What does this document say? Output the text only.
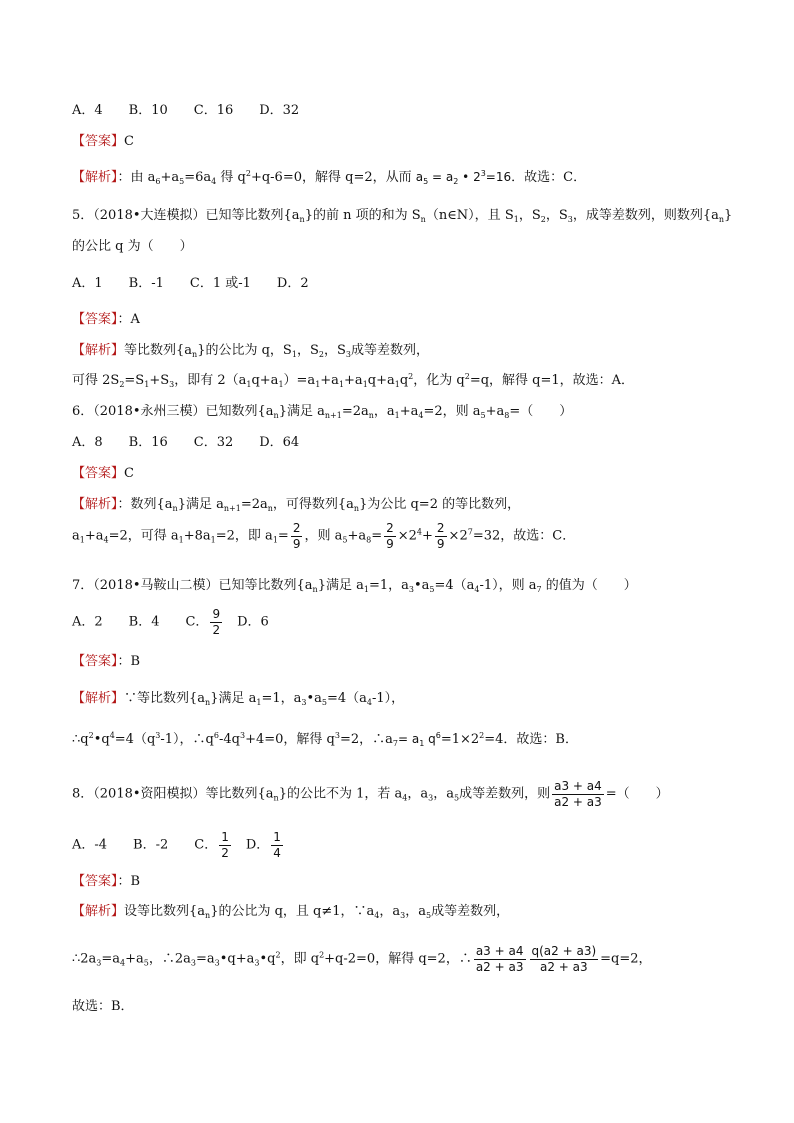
A．4　　B．10　　C．16　　D．32
【答案】C
【解析】：由 $a_6+a_5=6a_4$ 得 $q^2+q-6=0$，解得 q=2，从而 $a_5 = a_2$ • $2^3=16$．故选：C．
5．（2018•大连模拟）已知等比数列$\{a_n\}$的前 n 项的和为 $S_n(n\in N)$，且 $S_1$，$S_2$，$S_3$，成等差数列，则数列$\{a_n\}$
的公比 q 为（　　）
A．1　　B．-1　　C．1 或-1　　D．2
【答案】：A
【解析】等比数列$\{a_n\}$的公比为 q，$S_1$，$S_2$，$S_3$成等差数列，
可得 $2S_2=S_1+S_3$，即有 $2(a_1q+a_1)=a_1+a_1+a_1q+a_1q^2$，化为 $q^2=q$，解得 q=1，故选：A．
6．（2018•永州三模）已知数列$\{a_n\}$满足 $a_{n+1}=2a_n$，$a_1+a_4=2$，则 $a_5+a_8=$（　　）
A．8　　B．16　　C．32　　D．64
【答案】C
【解析】：数列$\{a_n\}$满足 $a_{n+1}=2a_n$，可得数列$\{a_n\}$为公比 q=2 的等比数列，
$a_1+a_4=2$，可得 $a_1+8a_1=2$，即 $a_1= \frac{2}{9}$ ，则 $a_5+a_8= \frac{2}{9} \times 2^4+ \frac{2}{9} \times 2^7=32$，故选：C．
7．（2018•马鞍山二模）已知等比数列$\{a_n\}$满足 $a_1=1$，$a_3•a_5=4(a_4-1)$，则 $a_7$ 的值为（　　）
A．2　　B．4　　C． $\frac{9}{2}$ 　D．6
【答案】：B
【解析】∵等比数列$\{a_n\}$满足 $a_1=1$，$a_3•a_5=4(a_4-1)$，
$\therefore q^2•q^4=4(q^3-1)$，$\therefore q^6-4q^3+4=0$，解得 $q^3=2$，$\therefore a_7= a_1$ $q^6=1\times 2^2=4$．故选：B．
8．（2018•资阳模拟）等比数列$\{a_n\}$的公比不为 1，若 $a_4$，$a_3$，$a_5$成等差数列，则 $\frac{a3 + a4}{a2 + a3}$ =（　　）
A．-4　　B．-2　　C． $\frac{1}{2}$ 　D． $\frac{1}{4}$
【答案】：B
【解析】设等比数列$\{a_n\}$的公比为 q，且 q≠1，$\because a_4$，$a_3$，$a_5$成等差数列，
$\therefore 2a_3=a_4+a_5$，$\therefore 2a_3=a_3•q+a_3•q^2$，即 $q^2+q-2=0$，解得 q=2，∴ $\frac{a3 + a4}{a2 + a3} \frac{q(a2 + a3)}{a2 + a3} =q=2$，
故选：B．
